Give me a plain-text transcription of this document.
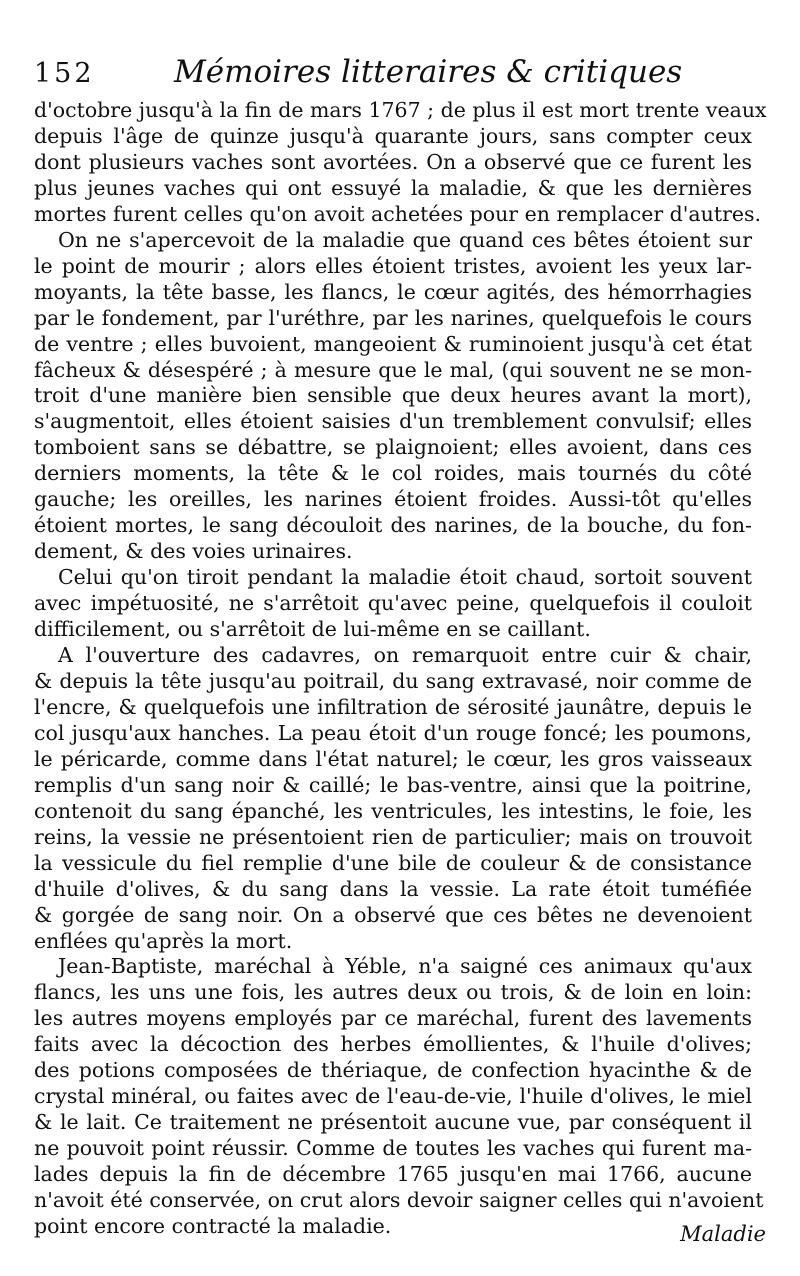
152	Mémoires litteraires & critiques
d'octobre jusqu'à la fin de mars 1767 ; de plus il est mort trente veaux
depuis l'âge de quinze jusqu'à quarante jours, sans compter ceux
dont plusieurs vaches sont avortées. On a observé que ce furent les
plus jeunes vaches qui ont essuyé la maladie, & que les dernières
mortes furent celles qu'on avoit achetées pour en remplacer d'autres.
On ne s'apercevoit de la maladie que quand ces bêtes étoient sur
le point de mourir ; alors elles étoient tristes, avoient les yeux lar-
moyants, la tête basse, les flancs, le cœur agités, des hémorrhagies
par le fondement, par l'uréthre, par les narines, quelquefois le cours
de ventre ; elles buvoient, mangeoient & ruminoient jusqu'à cet état
fâcheux & désespéré ; à mesure que le mal, (qui souvent ne se mon-
troit d'une manière bien sensible que deux heures avant la mort),
s'augmentoit, elles étoient saisies d'un tremblement convulsif; elles
tomboient sans se débattre, se plaignoient; elles avoient, dans ces
derniers moments, la tête & le col roides, mais tournés du côté
gauche; les oreilles, les narines étoient froides. Aussi-tôt qu'elles
étoient mortes, le sang découloit des narines, de la bouche, du fon-
dement, & des voies urinaires.
Celui qu'on tiroit pendant la maladie étoit chaud, sortoit souvent
avec impétuosité, ne s'arrêtoit qu'avec peine, quelquefois il couloit
difficilement, ou s'arrêtoit de lui-même en se caillant.
A l'ouverture des cadavres, on remarquoit entre cuir & chair,
& depuis la tête jusqu'au poitrail, du sang extravasé, noir comme de
l'encre, & quelquefois une infiltration de sérosité jaunâtre, depuis le
col jusqu'aux hanches. La peau étoit d'un rouge foncé; les poumons,
le péricarde, comme dans l'état naturel; le cœur, les gros vaisseaux
remplis d'un sang noir & caillé; le bas-ventre, ainsi que la poitrine,
contenoit du sang épanché, les ventricules, les intestins, le foie, les
reins, la vessie ne présentoient rien de particulier; mais on trouvoit
la vessicule du fiel remplie d'une bile de couleur & de consistance
d'huile d'olives, & du sang dans la vessie. La rate étoit tuméfiée
& gorgée de sang noir. On a observé que ces bêtes ne devenoient
enflées qu'après la mort.
Jean-Baptiste, maréchal à Yéble, n'a saigné ces animaux qu'aux
flancs, les uns une fois, les autres deux ou trois, & de loin en loin:
les autres moyens employés par ce maréchal, furent des lavements
faits avec la décoction des herbes émollientes, & l'huile d'olives;
des potions composées de thériaque, de confection hyacinthe & de
crystal minéral, ou faites avec de l'eau-de-vie, l'huile d'olives, le miel
& le lait. Ce traitement ne présentoit aucune vue, par conséquent il
ne pouvoit point réussir. Comme de toutes les vaches qui furent ma-
lades depuis la fin de décembre 1765 jusqu'en mai 1766, aucune
n'avoit été conservée, on crut alors devoir saigner celles qui n'avoient
point encore contracté la maladie.	Maladie
